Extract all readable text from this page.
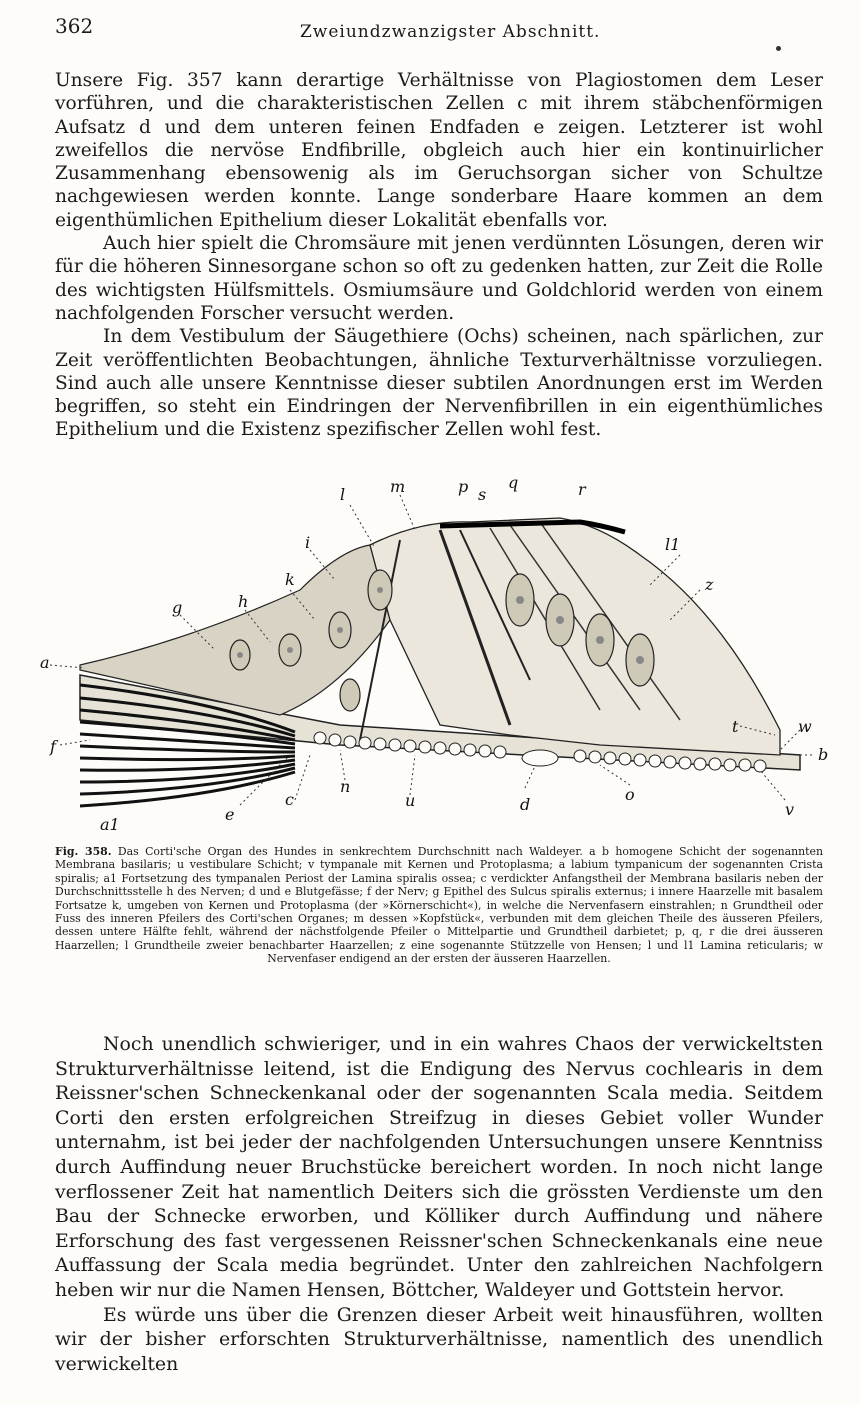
362	Zweiundzwanzigster Abschnitt.

Unsere Fig. 357 kann derartige Verhältnisse von Plagiostomen dem Leser vorführen, und die charakteristischen Zellen c mit ihrem stäbchenförmigen Aufsatz d und dem unteren feinen Endfaden e zeigen. Letzterer ist wohl zweifellos die nervöse Endfibrille, obgleich auch hier ein kontinuirlicher Zusammenhang ebensowenig als im Geruchsorgan sicher von Schultze nachgewiesen werden konnte. Lange sonderbare Haare kommen an dem eigenthümlichen Epithelium dieser Lokalität ebenfalls vor.

Auch hier spielt die Chromsäure mit jenen verdünnten Lösungen, deren wir für die höheren Sinnesorgane schon so oft zu gedenken hatten, zur Zeit die Rolle des wichtigsten Hülfsmittels. Osmiumsäure und Goldchlorid werden von einem nachfolgenden Forscher versucht werden.

In dem Vestibulum der Säugethiere (Ochs) scheinen, nach spärlichen, zur Zeit veröffentlichten Beobachtungen, ähnliche Texturverhältnisse vorzuliegen. Sind auch alle unsere Kenntnisse dieser subtilen Anordnungen erst im Werden begriffen, so steht ein Eindringen der Nervenfibrillen in ein eigenthümliches Epithelium und die Existenz spezifischer Zellen wohl fest.

l	m	p s
q	r
i	l1
k	z
h
g
a
t	w
f	b
c
n
u	d
o
v
e
a1
Fig. 358. Das Corti'sche Organ des Hundes in senkrechtem Durchschnitt nach Waldeyer. a b homogene Schicht der sogenannten Membrana basilaris; u vestibulare Schicht; v tympanale mit Kernen und Protoplasma; a labium tympanicum der sogenannten Crista spiralis; a1 Fortsetzung des tympanalen Periost der Lamina spiralis ossea; c verdickter Anfangstheil der Membrana basilaris neben der Durchschnittsstelle h des Nerven; d und e Blutgefässe; f der Nerv; g Epithel des Sulcus spiralis externus; i innere Haarzelle mit basalem Fortsatze k, umgeben von Kernen und Protoplasma (der »Körnerschicht«), in welche die Nervenfasern einstrahlen; n Grundtheil oder Fuss des inneren Pfeilers des Corti'schen Organes; m dessen »Kopfstück«, verbunden mit dem gleichen Theile des äusseren Pfeilers, dessen untere Hälfte fehlt, während der nächstfolgende Pfeiler o Mittelpartie und Grundtheil darbietet; p, q, r die drei äusseren Haarzellen; l Grundtheile zweier benachbarter Haarzellen; z eine sogenannte Stützzelle von Hensen; l und l1 Lamina reticularis; w Nervenfaser endigend an der ersten der äusseren Haarzellen.

Noch unendlich schwieriger, und in ein wahres Chaos der verwickeltsten Strukturverhältnisse leitend, ist die Endigung des Nervus cochlearis in dem Reissner'schen Schneckenkanal oder der sogenannten Scala media. Seitdem Corti den ersten erfolgreichen Streifzug in dieses Gebiet voller Wunder unternahm, ist bei jeder der nachfolgenden Untersuchungen unsere Kenntniss durch Auffindung neuer Bruchstücke bereichert worden. In noch nicht lange verflossener Zeit hat namentlich Deiters sich die grössten Verdienste um den Bau der Schnecke erworben, und Kölliker durch Auffindung und nähere Erforschung des fast vergessenen Reissner'schen Schneckenkanals eine neue Auffassung der Scala media begründet. Unter den zahlreichen Nachfolgern heben wir nur die Namen Hensen, Böttcher, Waldeyer und Gottstein hervor.

Es würde uns über die Grenzen dieser Arbeit weit hinausführen, wollten wir der bisher erforschten Strukturverhältnisse, namentlich des unendlich verwickelten
